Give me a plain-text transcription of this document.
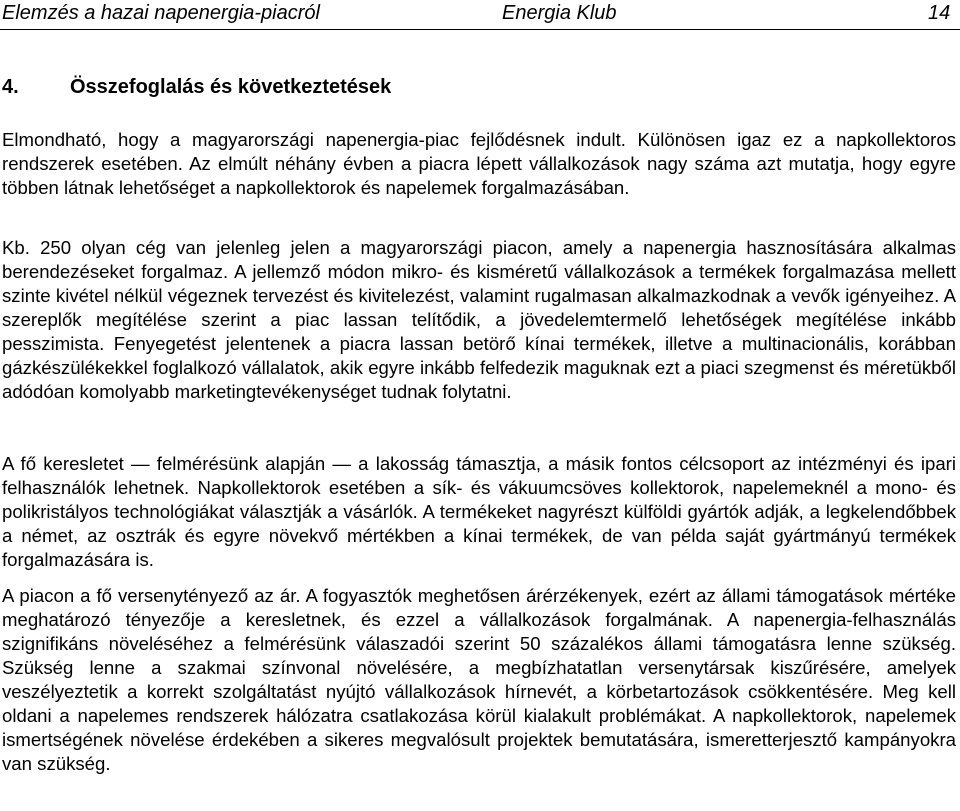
Elemzés a hazai napenergia-piacról	Energia Klub	14
4.	Összefoglalás és következtetések

Elmondható, hogy a magyarországi napenergia-piac fejlődésnek indult. Különösen igaz ez a napkollektoros rendszerek esetében. Az elmúlt néhány évben a piacra lépett vállalkozások nagy száma azt mutatja, hogy egyre többen látnak lehetőséget a napkollektorok és napelemek forgalmazásában.

Kb. 250 olyan cég van jelenleg jelen a magyarországi piacon, amely a napenergia hasznosítására alkalmas berendezéseket forgalmaz. A jellemző módon mikro- és kisméretű vállalkozások a termékek forgalmazása mellett szinte kivétel nélkül végeznek tervezést és kivitelezést, valamint rugalmasan alkalmazkodnak a vevők igényeihez. A szereplők megítélése szerint a piac lassan telítődik, a jövedelemtermelő lehetőségek megítélése inkább pesszimista. Fenyegetést jelentenek a piacra lassan betörő kínai termékek, illetve a multinacionális, korábban gázkészülékekkel foglalkozó vállalatok, akik egyre inkább felfedezik maguknak ezt a piaci szegmenst és méretükből adódóan komolyabb marketingtevékenységet tudnak folytatni.

A fő keresletet — felmérésünk alapján — a lakosság támasztja, a másik fontos célcsoport az intézményi és ipari felhasználók lehetnek. Napkollektorok esetében a sík- és vákuumcsöves kollektorok, napelemeknél a mono- és polikristályos technológiákat választják a vásárlók. A termékeket nagyrészt külföldi gyártók adják, a legkelendőbbek a német, az osztrák és egyre növekvő mértékben a kínai termékek, de van példa saját gyártmányú termékek forgalmazására is.

A piacon a fő versenytényező az ár. A fogyasztók meghetősen árérzékenyek, ezért az állami támogatások mértéke meghatározó tényezője a keresletnek, és ezzel a vállalkozások forgalmának. A napenergia-felhasználás szignifikáns növeléséhez a felmérésünk válaszadói szerint 50 százalékos állami támogatásra lenne szükség. Szükség lenne a szakmai színvonal növelésére, a megbízhatatlan versenytársak kiszűrésére, amelyek veszélyeztetik a korrekt szolgáltatást nyújtó vállalkozások hírnevét, a körbetartozások csökkentésére. Meg kell oldani a napelemes rendszerek hálózatra csatlakozása körül kialakult problémákat. A napkollektorok, napelemek ismertségének növelése érdekében a sikeres megvalósult projektek bemutatására, ismeretterjesztő kampányokra van szükség.
